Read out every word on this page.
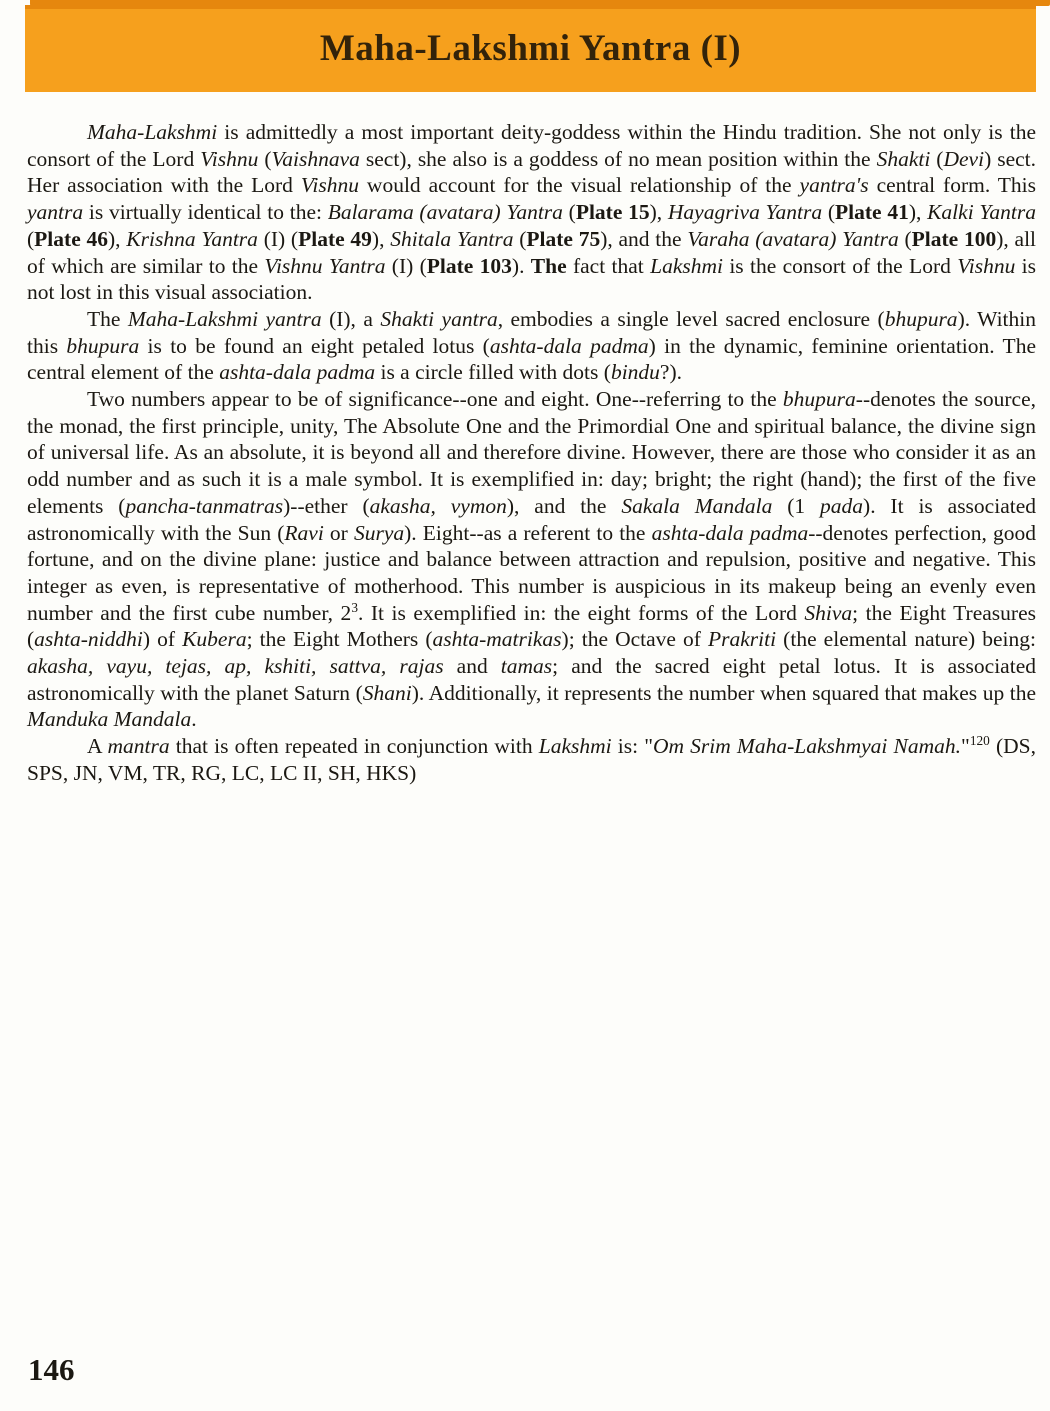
Maha-Lakshmi Yantra (I)

Maha-Lakshmi is admittedly a most important deity-goddess within the Hindu tradition. She not only is the consort of the Lord Vishnu (Vaishnava sect), she also is a goddess of no mean position within the Shakti (Devi) sect. Her association with the Lord Vishnu would account for the visual relationship of the yantra's central form. This yantra is virtually identical to the: Balarama (avatara) Yantra (Plate 15), Hayagriva Yantra (Plate 41), Kalki Yantra (Plate 46), Krishna Yantra (I) (Plate 49), Shitala Yantra (Plate 75), and the Varaha (avatara) Yantra (Plate 100), all of which are similar to the Vishnu Yantra (I) (Plate 103). The fact that Lakshmi is the consort of the Lord Vishnu is not lost in this visual association.

The Maha-Lakshmi yantra (I), a Shakti yantra, embodies a single level sacred enclosure (bhupura). Within this bhupura is to be found an eight petaled lotus (ashta-dala padma) in the dynamic, feminine orientation. The central element of the ashta-dala padma is a circle filled with dots (bindu?).

Two numbers appear to be of significance--one and eight. One--referring to the bhupura--denotes the source, the monad, the first principle, unity, The Absolute One and the Primordial One and spiritual balance, the divine sign of universal life. As an absolute, it is beyond all and therefore divine. However, there are those who consider it as an odd number and as such it is a male symbol. It is exemplified in: day; bright; the right (hand); the first of the five elements (pancha-tanmatras)--ether (akasha, vymon), and the Sakala Mandala (1 pada). It is associated astronomically with the Sun (Ravi or Surya). Eight--as a referent to the ashta-dala padma--denotes perfection, good fortune, and on the divine plane: justice and balance between attraction and repulsion, positive and negative. This integer as even, is representative of motherhood. This number is auspicious in its makeup being an evenly even number and the first cube number, $2^3$. It is exemplified in: the eight forms of the Lord Shiva; the Eight Treasures (ashta-niddhi) of Kubera; the Eight Mothers (ashta-matrikas); the Octave of Prakriti (the elemental nature) being: akasha, vayu, tejas, ap, kshiti, sattva, rajas and tamas; and the sacred eight petal lotus. It is associated astronomically with the planet Saturn (Shani). Additionally, it represents the number when squared that makes up the Manduka Mandala.

A mantra that is often repeated in conjunction with Lakshmi is: "Om Srim Maha-Lakshmyai Namah."$^{120}$ (DS, SPS, JN, VM, TR, RG, LC, LC II, SH, HKS)

146
